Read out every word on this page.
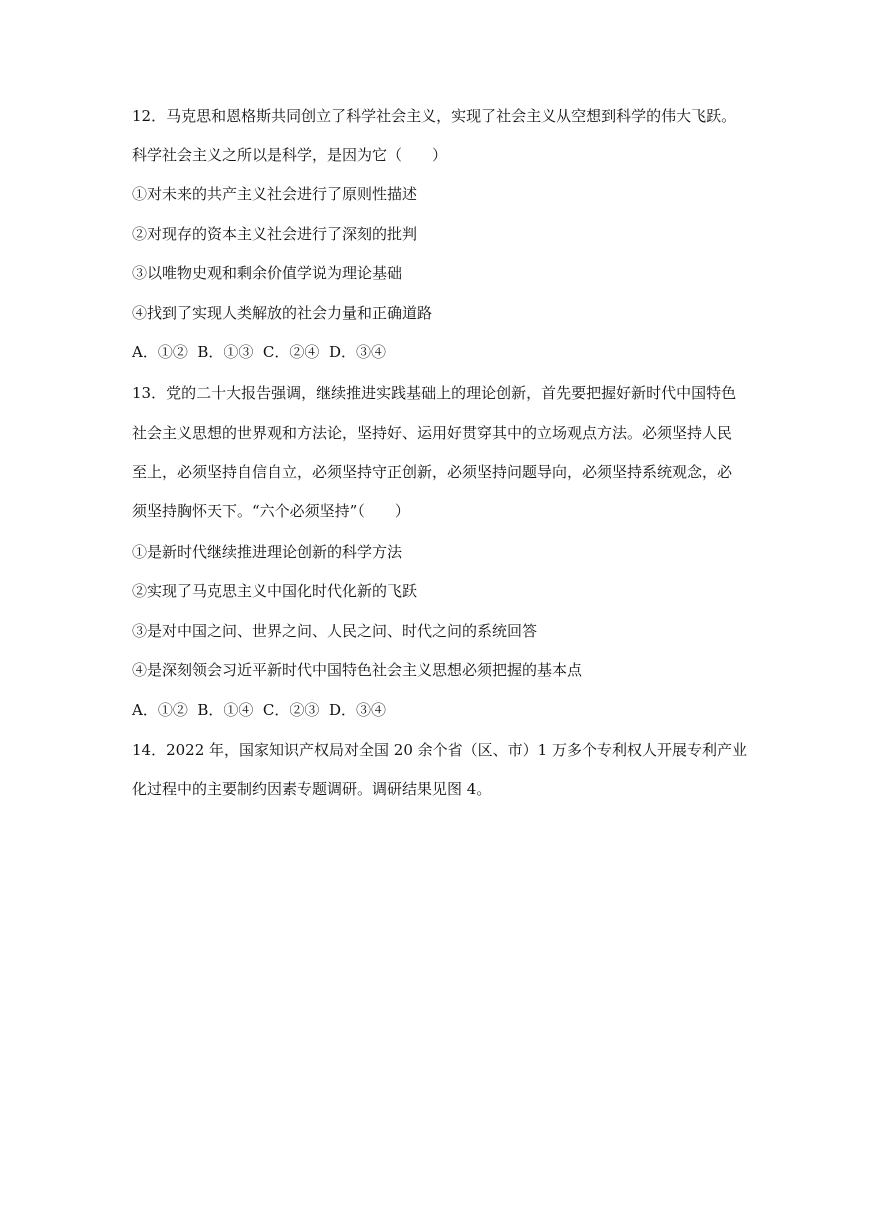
12．马克思和恩格斯共同创立了科学社会主义，实现了社会主义从空想到科学的伟大飞跃。

科学社会主义之所以是科学，是因为它（　　）

①对未来的共产主义社会进行了原则性描述

②对现存的资本主义社会进行了深刻的批判

③以唯物史观和剩余价值学说为理论基础

④找到了实现人类解放的社会力量和正确道路

A．①②  B．①③  C．②④  D．③④

13．党的二十大报告强调，继续推进实践基础上的理论创新，首先要把握好新时代中国特色

社会主义思想的世界观和方法论，坚持好、运用好贯穿其中的立场观点方法。必须坚持人民

至上，必须坚持自信自立，必须坚持守正创新，必须坚持问题导向，必须坚持系统观念，必

须坚持胸怀天下。“六个必须坚持”（　　）

①是新时代继续推进理论创新的科学方法

②实现了马克思主义中国化时代化新的飞跃

③是对中国之问、世界之问、人民之问、时代之问的系统回答

④是深刻领会习近平新时代中国特色社会主义思想必须把握的基本点

A．①②  B．①④  C．②③  D．③④

14．2022 年，国家知识产权局对全国 20 余个省（区、市）1 万多个专利权人开展专利产业

化过程中的主要制约因素专题调研。调研结果见图 4。
